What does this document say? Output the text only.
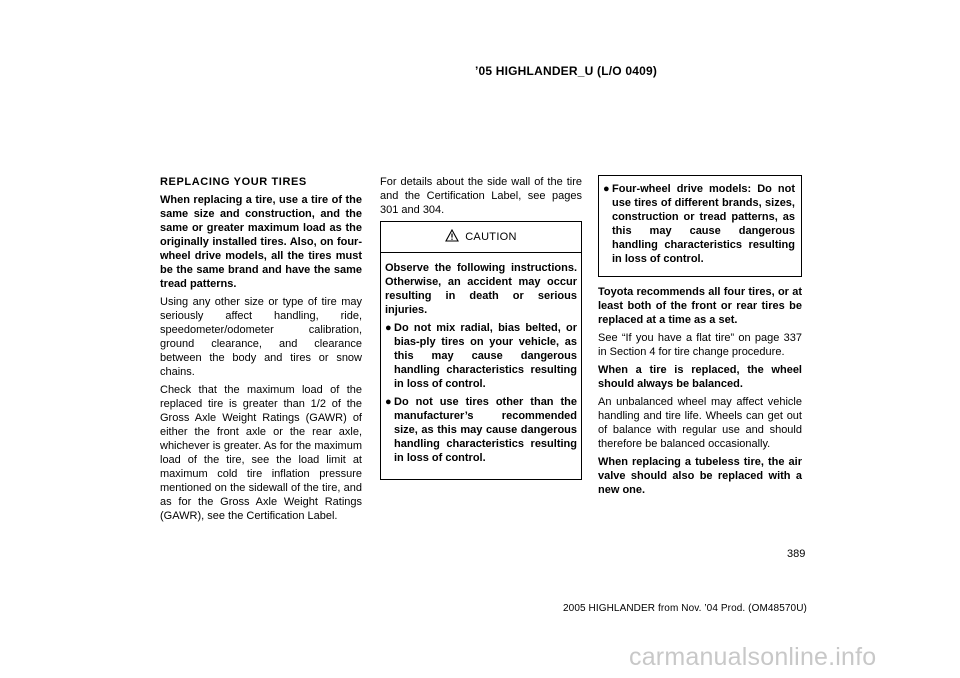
’05 HIGHLANDER_U (L/O 0409)
REPLACING YOUR TIRES

When replacing a tire, use a tire of the same size and construction, and the same or greater maximum load as the originally installed tires. Also, on four-wheel drive models, all the tires must be the same brand and have the same tread patterns.

Using any other size or type of tire may seriously affect handling, ride, speedometer/odometer calibration, ground clearance, and clearance between the body and tires or snow chains.

Check that the maximum load of the replaced tire is greater than 1/2 of the Gross Axle Weight Ratings (GAWR) of either the front axle or the rear axle, whichever is greater. As for the maximum load of the tire, see the load limit at maximum cold tire inflation pressure mentioned on the sidewall of the tire, and as for the Gross Axle Weight Ratings (GAWR), see the Certification Label.

For details about the side wall of the tire and the Certification Label, see pages 301 and 304.

CAUTION

Observe the following instructions. Otherwise, an accident may occur resulting in death or serious injuries.

● Do not mix radial, bias belted, or bias-ply tires on your vehicle, as this may cause dangerous handling characteristics resulting in loss of control.
● Do not use tires other than the manufacturer’s recommended size, as this may cause dangerous handling characteristics resulting in loss of control.
● Four-wheel drive models: Do not use tires of different brands, sizes, construction or tread patterns, as this may cause dangerous handling characteristics resulting in loss of control.

Toyota recommends all four tires, or at least both of the front or rear tires be replaced at a time as a set.

See “If you have a flat tire” on page 337 in Section 4 for tire change procedure.

When a tire is replaced, the wheel should always be balanced.

An unbalanced wheel may affect vehicle handling and tire life. Wheels can get out of balance with regular use and should therefore be balanced occasionally.

When replacing a tubeless tire, the air valve should also be replaced with a new one.

389
2005 HIGHLANDER from Nov. ’04 Prod. (OM48570U)
carmanualsonline.info
